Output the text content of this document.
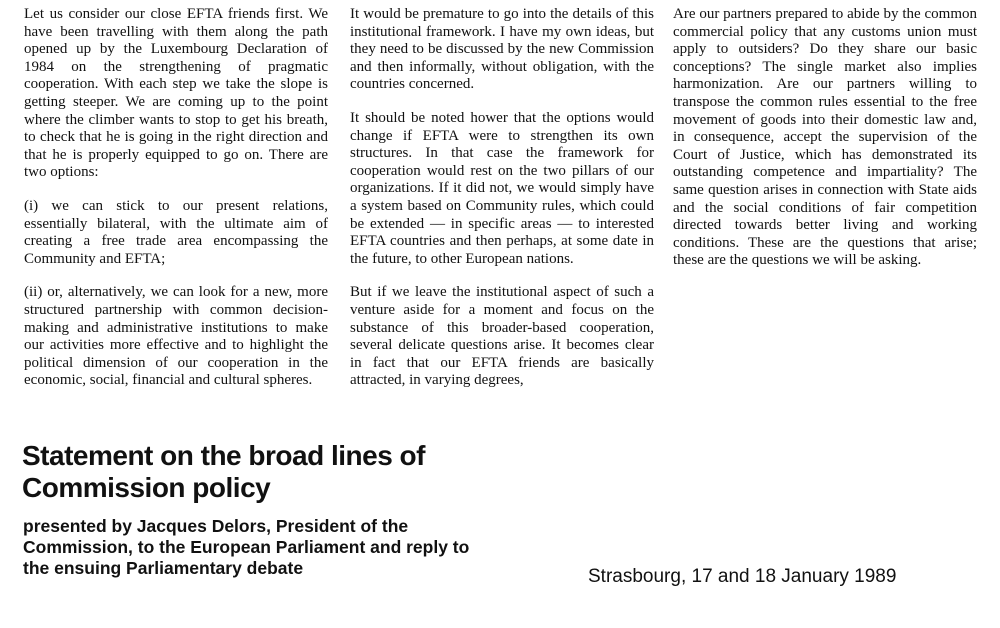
Let us consider our close EFTA friends first. We have been travelling with them along the path opened up by the Luxembourg Declaration of 1984 on the strengthening of pragmatic cooperation. With each step we take the slope is getting steeper. We are coming up to the point where the climber wants to stop to get his breath, to check that he is going in the right direction and that he is properly equipped to go on. There are two options:

(i) we can stick to our present relations, essentially bilateral, with the ultimate aim of creating a free trade area encompassing the Community and EFTA;

(ii) or, alternatively, we can look for a new, more structured partnership with common decision-making and administrative institutions to make our activities more effective and to highlight the political dimension of our cooperation in the economic, social, financial and cultural spheres.

It would be premature to go into the details of this institutional framework. I have my own ideas, but they need to be discussed by the new Commission and then informally, without obligation, with the countries concerned.

It should be noted hower that the options would change if EFTA were to strengthen its own structures. In that case the framework for cooperation would rest on the two pillars of our organizations. If it did not, we would simply have a system based on Community rules, which could be extended — in specific areas — to interested EFTA countries and then perhaps, at some date in the future, to other European nations.

But if we leave the institutional aspect of such a venture aside for a moment and focus on the substance of this broader-based cooperation, several delicate questions arise. It becomes clear in fact that our EFTA friends are basically attracted, in varying degrees,

Are our partners prepared to abide by the common commercial policy that any customs union must apply to outsiders? Do they share our basic conceptions? The single market also implies harmonization. Are our partners willing to transpose the common rules essential to the free movement of goods into their domestic law and, in consequence, accept the supervision of the Court of Justice, which has demonstrated its outstanding competence and impartiality? The same question arises in connection with State aids and the social conditions of fair competition directed towards better living and working conditions. These are the questions that arise; these are the questions we will be asking.

Statement on the broad lines of Commission policy
presented by Jacques Delors, President of the Commission, to the European Parliament and reply to the ensuing Parliamentary debate	Strasbourg, 17 and 18 January 1989
